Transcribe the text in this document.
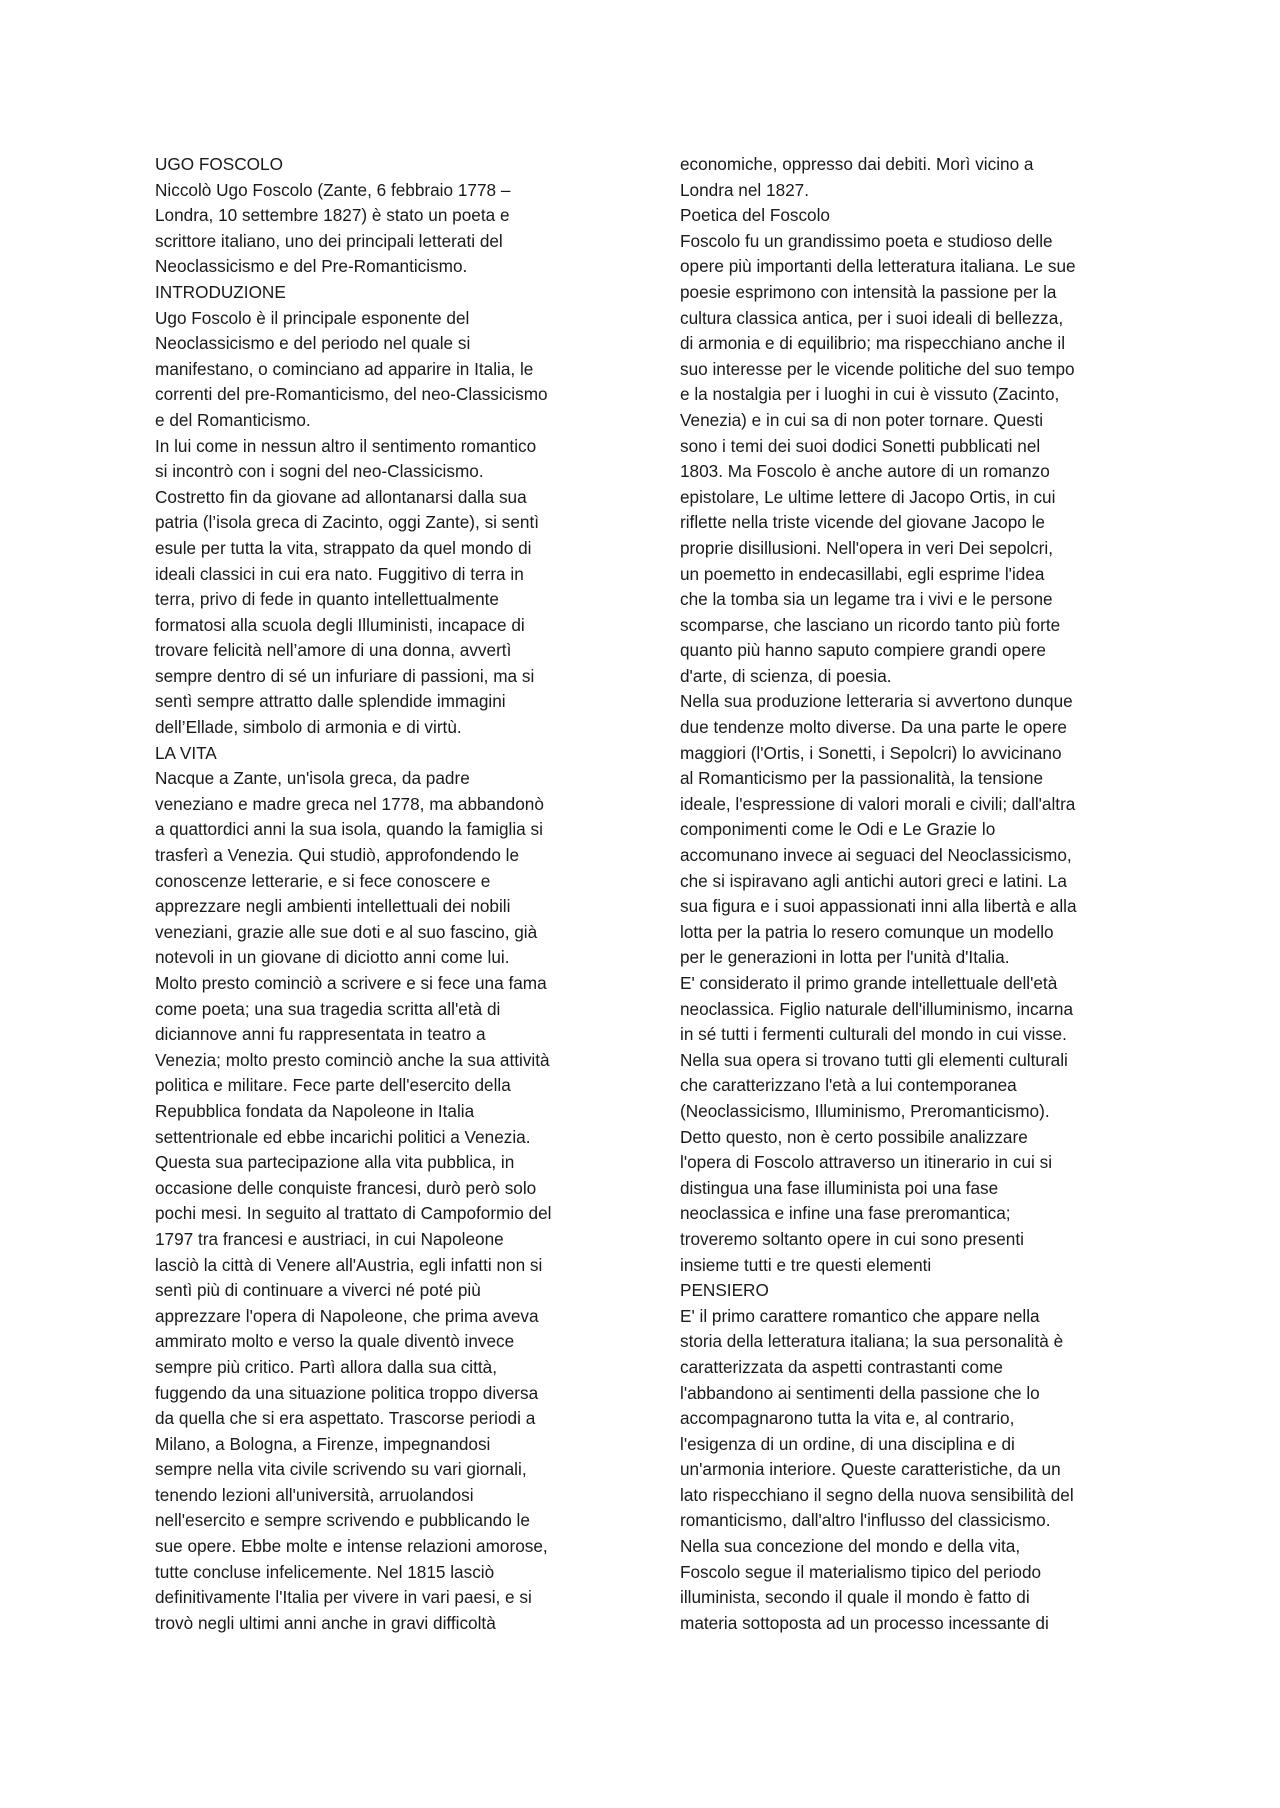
UGO FOSCOLO
Niccolò Ugo Foscolo (Zante, 6 febbraio 1778 –
Londra, 10 settembre 1827) è stato un poeta e
scrittore italiano, uno dei principali letterati del
Neoclassicismo e del Pre-Romanticismo.
INTRODUZIONE
Ugo Foscolo è il principale esponente del
Neoclassicismo e del periodo nel quale si
manifestano, o cominciano ad apparire in Italia, le
correnti del pre-Romanticismo, del neo-Classicismo
e del Romanticismo.
In lui come in nessun altro il sentimento romantico
si incontrò con i sogni del neo-Classicismo.
Costretto fin da giovane ad allontanarsi dalla sua
patria (l’isola greca di Zacinto, oggi Zante), si sentì
esule per tutta la vita, strappato da quel mondo di
ideali classici in cui era nato. Fuggitivo di terra in
terra, privo di fede in quanto intellettualmente
formatosi alla scuola degli Illuministi, incapace di
trovare felicità nell’amore di una donna, avvertì
sempre dentro di sé un infuriare di passioni, ma si
sentì sempre attratto dalle splendide immagini
dell’Ellade, simbolo di armonia e di virtù.
LA VITA
Nacque a Zante, un'isola greca, da padre
veneziano e madre greca nel 1778, ma abbandonò
a quattordici anni la sua isola, quando la famiglia si
trasferì a Venezia. Qui studiò, approfondendo le
conoscenze letterarie, e si fece conoscere e
apprezzare negli ambienti intellettuali dei nobili
veneziani, grazie alle sue doti e al suo fascino, già
notevoli in un giovane di diciotto anni come lui.
Molto presto cominciò a scrivere e si fece una fama
come poeta; una sua tragedia scritta all'età di
diciannove anni fu rappresentata in teatro a
Venezia; molto presto cominciò anche la sua attività
politica e militare. Fece parte dell'esercito della
Repubblica fondata da Napoleone in Italia
settentrionale ed ebbe incarichi politici a Venezia.
Questa sua partecipazione alla vita pubblica, in
occasione delle conquiste francesi, durò però solo
pochi mesi. In seguito al trattato di Campoformio del
1797 tra francesi e austriaci, in cui Napoleone
lasciò la città di Venere all'Austria, egli infatti non si
sentì più di continuare a viverci né poté più
apprezzare l'opera di Napoleone, che prima aveva
ammirato molto e verso la quale diventò invece
sempre più critico. Partì allora dalla sua città,
fuggendo da una situazione politica troppo diversa
da quella che si era aspettato. Trascorse periodi a
Milano, a Bologna, a Firenze, impegnandosi
sempre nella vita civile scrivendo su vari giornali,
tenendo lezioni all'università, arruolandosi
nell'esercito e sempre scrivendo e pubblicando le
sue opere. Ebbe molte e intense relazioni amorose,
tutte concluse infelicemente. Nel 1815 lasciò
definitivamente l'Italia per vivere in vari paesi, e si
trovò negli ultimi anni anche in gravi difficoltà
economiche, oppresso dai debiti. Morì vicino a
Londra nel 1827.
Poetica del Foscolo
Foscolo fu un grandissimo poeta e studioso delle
opere più importanti della letteratura italiana. Le sue
poesie esprimono con intensità la passione per la
cultura classica antica, per i suoi ideali di bellezza,
di armonia e di equilibrio; ma rispecchiano anche il
suo interesse per le vicende politiche del suo tempo
e la nostalgia per i luoghi in cui è vissuto (Zacinto,
Venezia) e in cui sa di non poter tornare. Questi
sono i temi dei suoi dodici Sonetti pubblicati nel
1803. Ma Foscolo è anche autore di un romanzo
epistolare, Le ultime lettere di Jacopo Ortis, in cui
riflette nella triste vicende del giovane Jacopo le
proprie disillusioni. Nell'opera in veri Dei sepolcri,
un poemetto in endecasillabi, egli esprime l'idea
che la tomba sia un legame tra i vivi e le persone
scomparse, che lasciano un ricordo tanto più forte
quanto più hanno saputo compiere grandi opere
d'arte, di scienza, di poesia.
Nella sua produzione letteraria si avvertono dunque
due tendenze molto diverse. Da una parte le opere
maggiori (l'Ortis, i Sonetti, i Sepolcri) lo avvicinano
al Romanticismo per la passionalità, la tensione
ideale, l'espressione di valori morali e civili; dall'altra
componimenti come le Odi e Le Grazie lo
accomunano invece ai seguaci del Neoclassicismo,
che si ispiravano agli antichi autori greci e latini. La
sua figura e i suoi appassionati inni alla libertà e alla
lotta per la patria lo resero comunque un modello
per le generazioni in lotta per l'unità d'Italia.
E' considerato il primo grande intellettuale dell'età
neoclassica. Figlio naturale dell'illuminismo, incarna
in sé tutti i fermenti culturali del mondo in cui visse.
Nella sua opera si trovano tutti gli elementi culturali
che caratterizzano l'età a lui contemporanea
(Neoclassicismo, Illuminismo, Preromanticismo).
Detto questo, non è certo possibile analizzare
l'opera di Foscolo attraverso un itinerario in cui si
distingua una fase illuminista poi una fase
neoclassica e infine una fase preromantica;
troveremo soltanto opere in cui sono presenti
insieme tutti e tre questi elementi
PENSIERO
E' il primo carattere romantico che appare nella
storia della letteratura italiana; la sua personalità è
caratterizzata da aspetti contrastanti come
l'abbandono ai sentimenti della passione che lo
accompagnarono tutta la vita e, al contrario,
l'esigenza di un ordine, di una disciplina e di
un'armonia interiore. Queste caratteristiche, da un
lato rispecchiano il segno della nuova sensibilità del
romanticismo, dall'altro l'influsso del classicismo.
Nella sua concezione del mondo e della vita,
Foscolo segue il materialismo tipico del periodo
illuminista, secondo il quale il mondo è fatto di
materia sottoposta ad un processo incessante di
